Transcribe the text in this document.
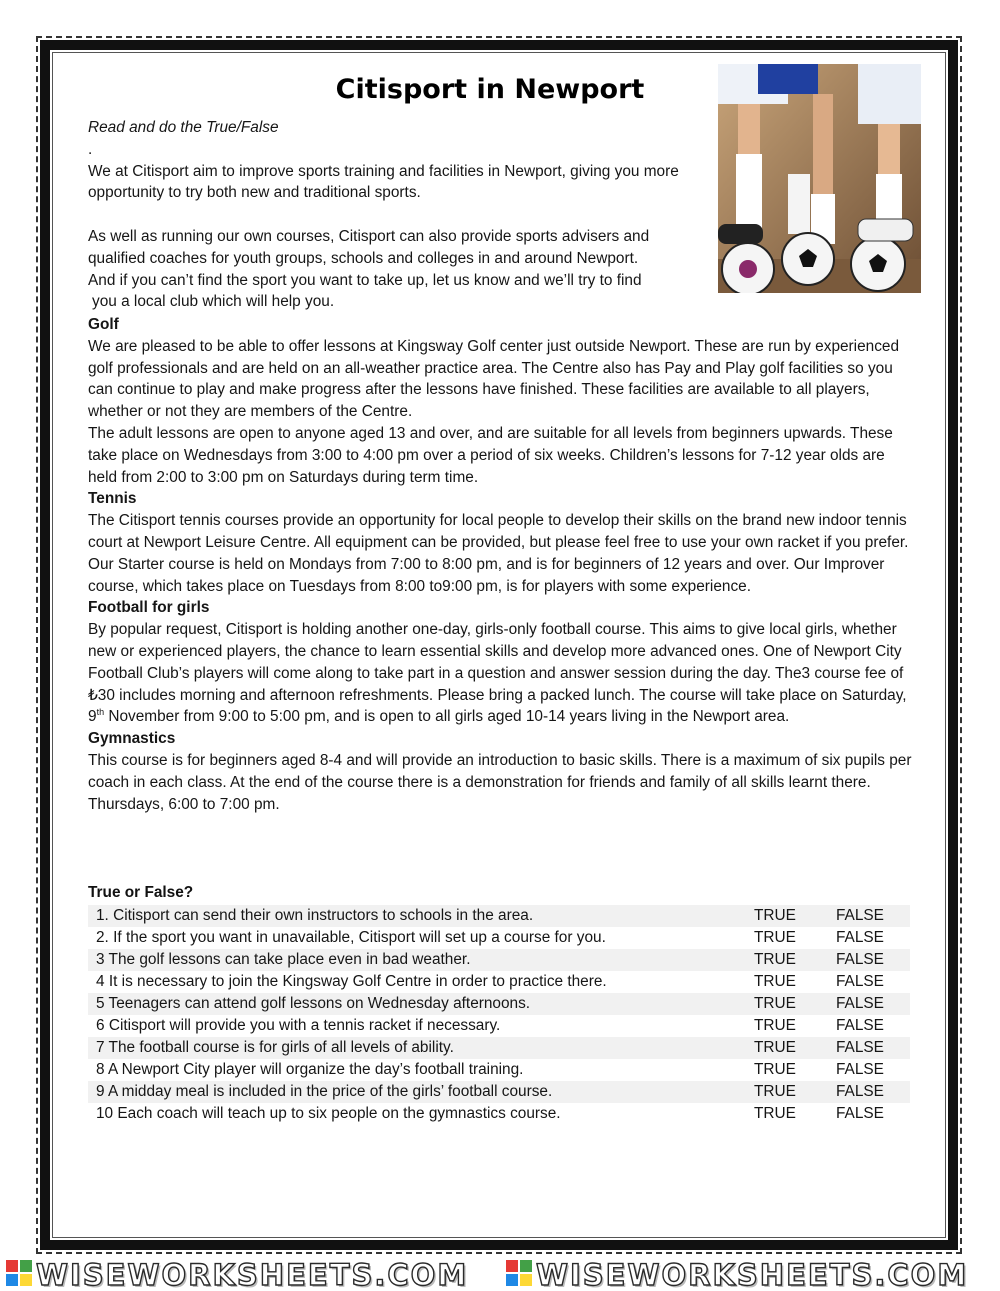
Citisport in Newport

Read and do the True/False

.

We at Citisport aim to improve sports training and facilities in Newport, giving you more opportunity to try both new and traditional sports.

As well as running our own courses, Citisport can also provide sports advisers and

qualified coaches for youth groups, schools and colleges in and around Newport.

And if you can’t find the sport you want to take up, let us know and we’ll try to find

you a local club which will help you.

Golf

We are pleased to be able to offer lessons at Kingsway Golf center just outside Newport. These are run by experienced golf professionals and are held on an all-weather practice area. The Centre also has Pay and Play golf facilities so you can continue to play and make progress after the lessons have finished. These facilities are available to all players, whether or not they are members of the Centre.

The adult lessons are open to anyone aged 13 and over, and are suitable for all levels from beginners upwards. These take place on Wednesdays from 3:00 to 4:00 pm over a period of six weeks. Children’s lessons for 7-12 year olds are held from 2:00 to 3:00 pm on Saturdays during term time.

Tennis

The Citisport tennis courses provide an opportunity for local people to develop their skills on the brand new indoor tennis court at Newport Leisure Centre. All equipment can be provided, but please feel free to use your own racket if you prefer. Our Starter course is held on Mondays from 7:00 to 8:00 pm, and is for beginners of 12 years and over. Our Improver course, which takes place on Tuesdays from 8:00 to9:00 pm, is for players with some experience.

Football for girls

By popular request, Citisport is holding another one-day, girls-only football course. This aims to give local girls, whether new or experienced players, the chance to learn essential skills and develop more advanced ones. One of Newport City Football Club’s players will come along to take part in a question and answer session during the day. The3 course fee of ₺30 includes morning and afternoon refreshments. Please bring a packed lunch. The course will take place on Saturday, 9th November from 9:00 to 5:00 pm, and is open to all girls aged 10-14 years living in the Newport area.

Gymnastics

This course is for beginners aged 8-4 and will provide an introduction to basic skills. There is a maximum of six pupils per coach in each class. At the end of the course there is a demonstration for friends and family of all skills learnt there. Thursdays, 6:00 to 7:00 pm.

True or False?
1. Citisport can send their own instructors to schools in the area.	TRUE	FALSE
2. If the sport you want in unavailable, Citisport will set up a course for you.	TRUE	FALSE
3 The golf lessons can take place even in bad weather.	TRUE	FALSE
4 It is necessary to join the Kingsway Golf Centre in order to practice there.	TRUE	FALSE
5 Teenagers can attend golf lessons on Wednesday afternoons.	TRUE	FALSE
6 Citisport will provide you with a tennis racket if necessary.	TRUE	FALSE
7 The football course is for girls of all levels of ability.	TRUE	FALSE
8 A Newport City player will organize the day’s football training.	TRUE	FALSE
9 A midday meal is included in the price of the girls’ football course.	TRUE	FALSE
10 Each coach will teach up to six people on the gymnastics course.	TRUE	FALSE
WISEWORKSHEETS.COM WISEWORKSHEETS.COM
